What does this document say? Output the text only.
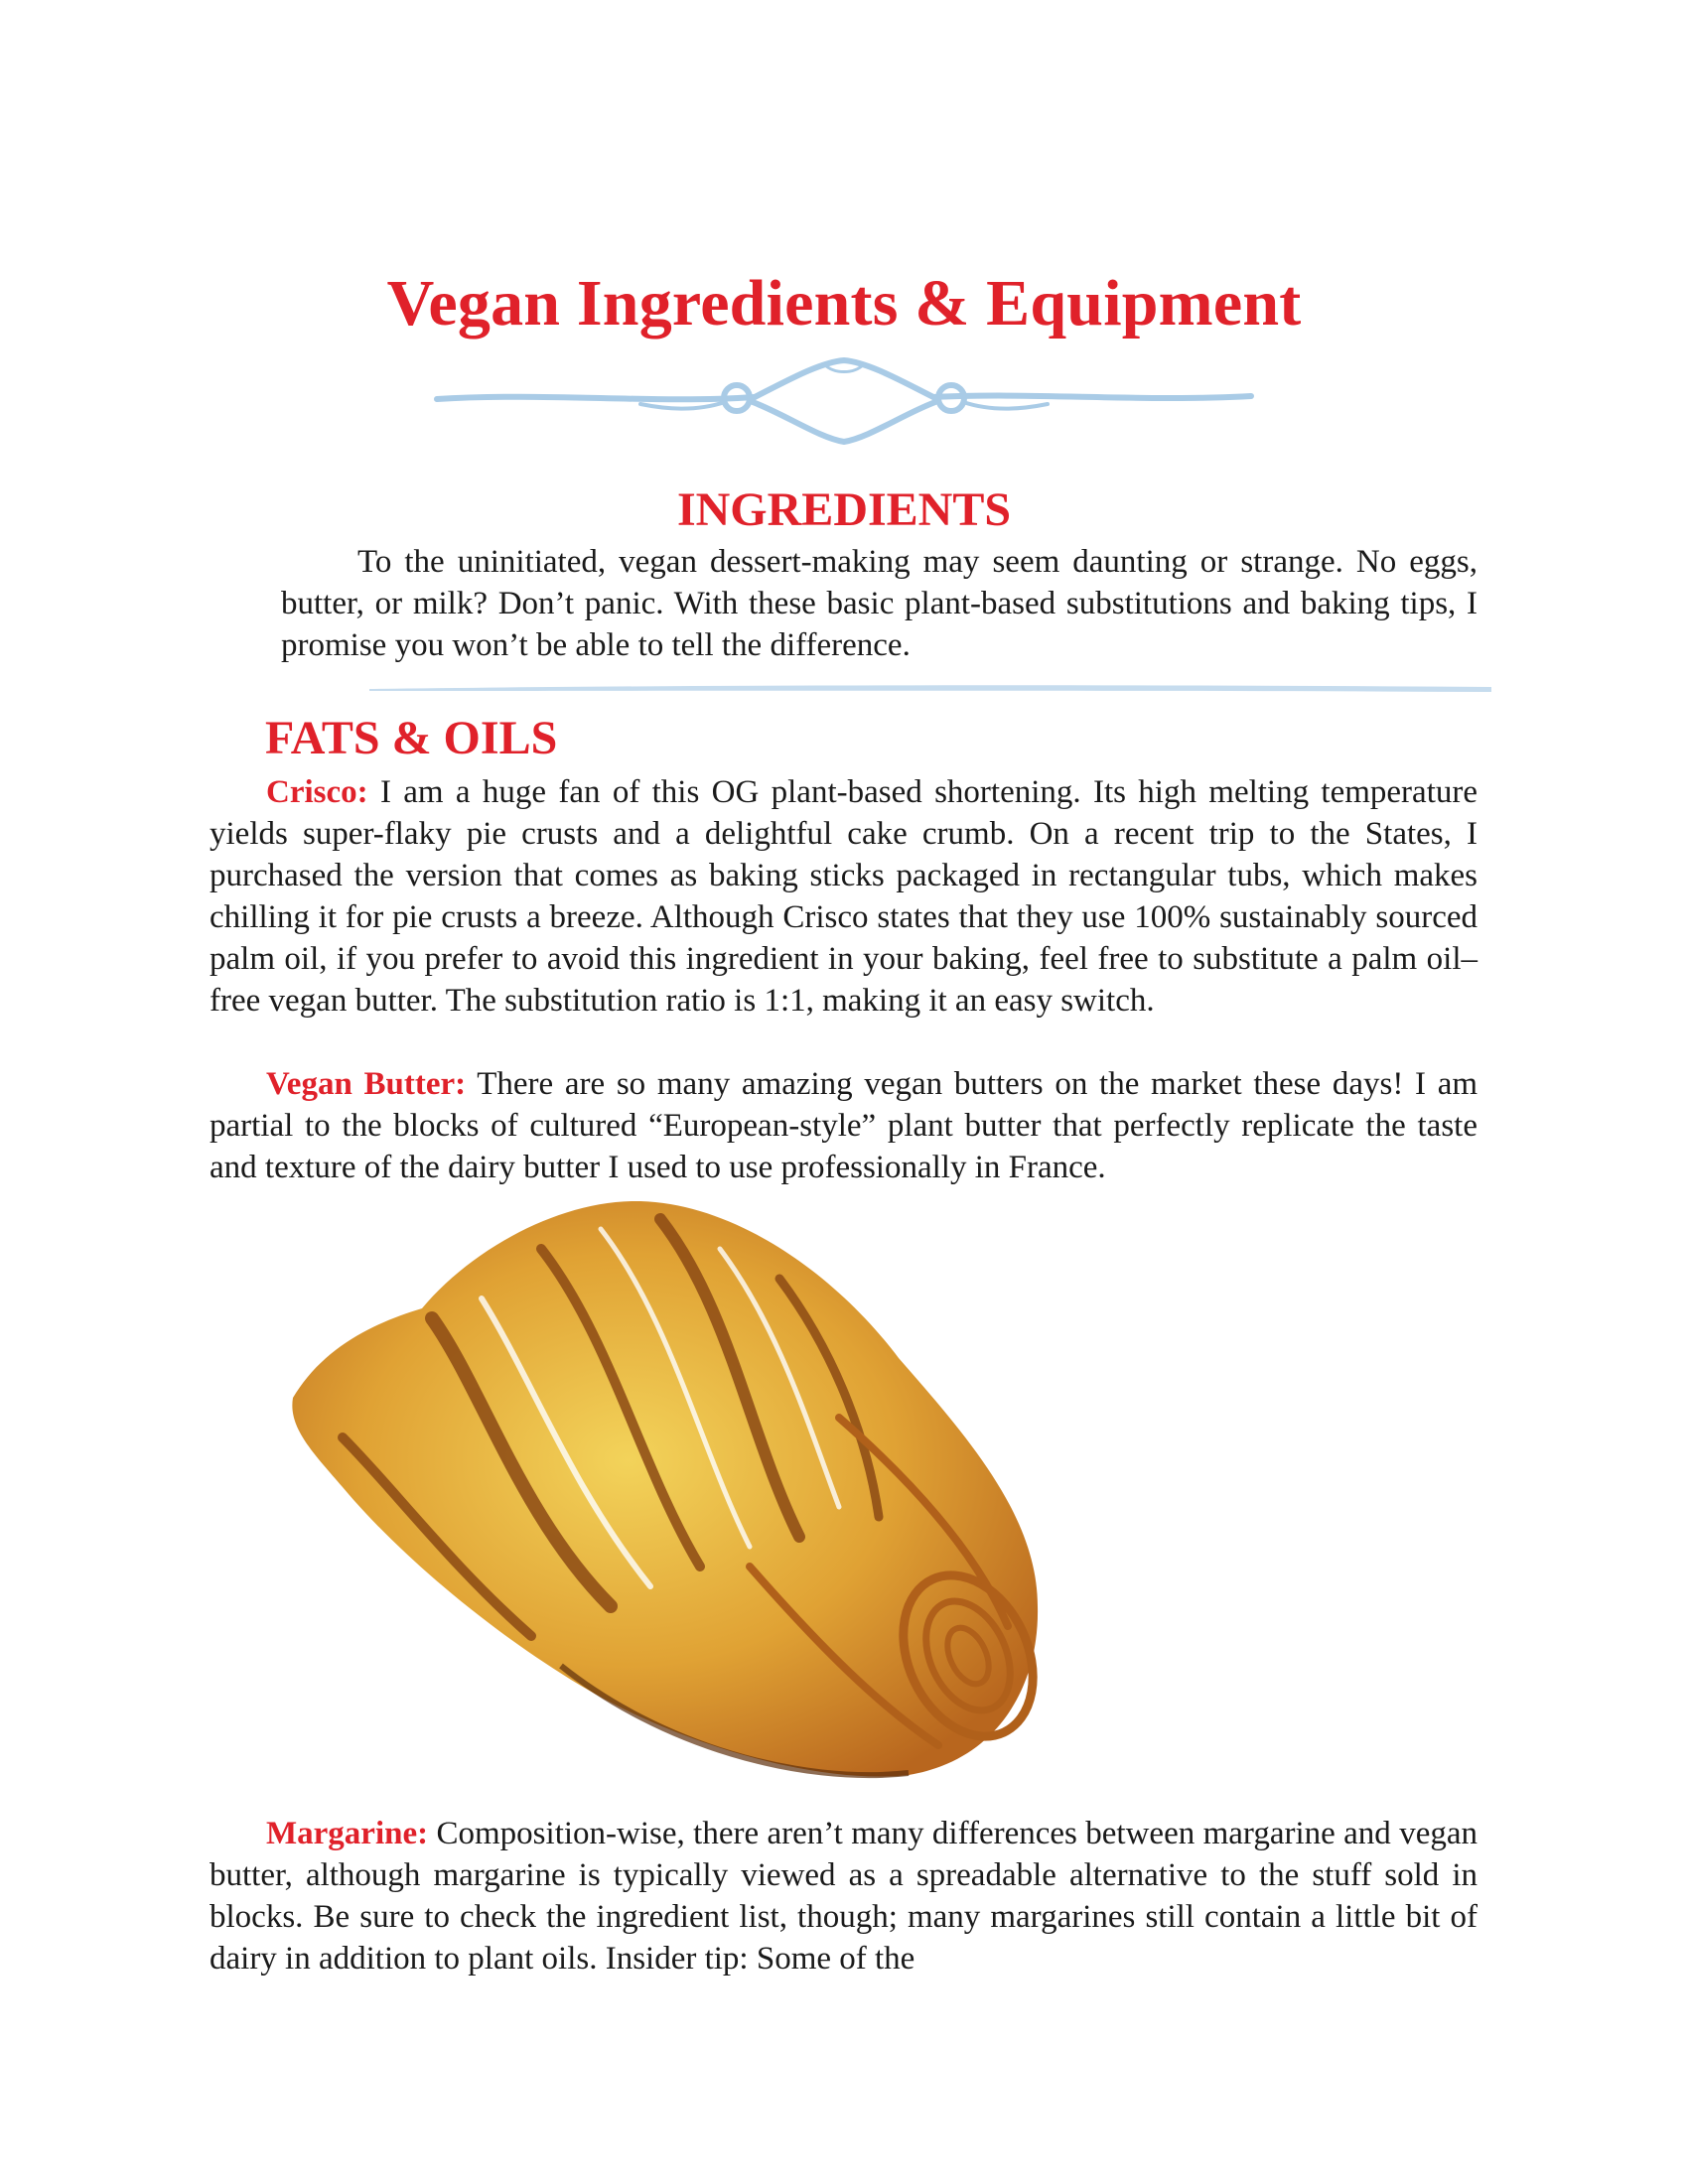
Vegan Ingredients & Equipment
INGREDIENTS

To the uninitiated, vegan dessert-making may seem daunting or strange. No eggs, butter, or milk? Don’t panic. With these basic plant-based substitutions and baking tips, I promise you won’t be able to tell the difference.

FATS & OILS

Crisco: I am a huge fan of this OG plant-based shortening. Its high melting temperature yields super-flaky pie crusts and a delightful cake crumb. On a recent trip to the States, I purchased the version that comes as baking sticks packaged in rectangular tubs, which makes chilling it for pie crusts a breeze. Although Crisco states that they use 100% sustainably sourced palm oil, if you prefer to avoid this ingredient in your baking, feel free to substitute a palm oil–free vegan butter. The substitution ratio is 1:1, making it an easy switch.

Vegan Butter: There are so many amazing vegan butters on the market these days! I am partial to the blocks of cultured “European-style” plant butter that perfectly replicate the taste and texture of the dairy butter I used to use professionally in France.

Margarine: Composition-wise, there aren’t many differences between margarine and vegan butter, although margarine is typically viewed as a spreadable alternative to the stuff sold in blocks. Be sure to check the ingredient list, though; many margarines still contain a little bit of dairy in addition to plant oils. Insider tip: Some of the
